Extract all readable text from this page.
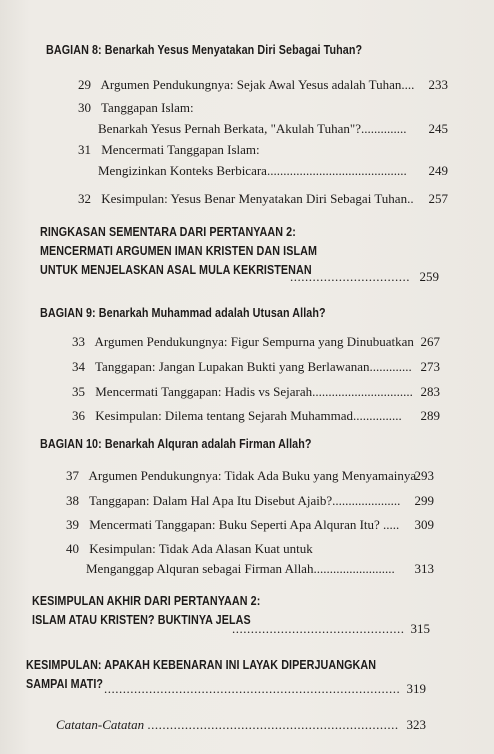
BAGIAN 8: Benarkah Yesus Menyatakan Diri Sebagai Tuhan?
29 Argumen Pendukungnya: Sejak Awal Yesus adalah Tuhan.... 233
30 Tanggapan Islam:
Benarkah Yesus Pernah Berkata, "Akulah Tuhan"?.............. 245
31 Mencermati Tanggapan Islam:
Mengizinkan Konteks Berbicara........................................... 249
32 Kesimpulan: Yesus Benar Menyatakan Diri Sebagai Tuhan.. 257
RINGKASAN SEMENTARA DARI PERTANYAAN 2:
MENCERMATI ARGUMEN IMAN KRISTEN DAN ISLAM
UNTUK MENJELASKAN ASAL MULA KEKRISTENAN
................................ 259
BAGIAN 9: Benarkah Muhammad adalah Utusan Allah?
33 Argumen Pendukungnya: Figur Sempurna yang Dinubuatkan 267
34 Tanggapan: Jangan Lupakan Bukti yang Berlawanan............. 273
35 Mencermati Tanggapan: Hadis vs Sejarah............................... 283
36 Kesimpulan: Dilema tentang Sejarah Muhammad............... 289
BAGIAN 10: Benarkah Alquran adalah Firman Allah?
37 Argumen Pendukungnya: Tidak Ada Buku yang Menyamainya
293
38 Tanggapan: Dalam Hal Apa Itu Disebut Ajaib?..................... 299
39 Mencermati Tanggapan: Buku Seperti Apa Alquran Itu? ..... 309
40 Kesimpulan: Tidak Ada Alasan Kuat untuk
Menganggap Alquran sebagai Firman Allah......................... 313
KESIMPULAN AKHIR DARI PERTANYAAN 2:
ISLAM ATAU KRISTEN? BUKTINYA JELAS
.............................................. 315
KESIMPULAN: APAKAH KEBENARAN INI LAYAK DIPERJUANGKAN
SAMPAI MATI? ............................................................................... 319
Catatan-Catatan ................................................................... 323
